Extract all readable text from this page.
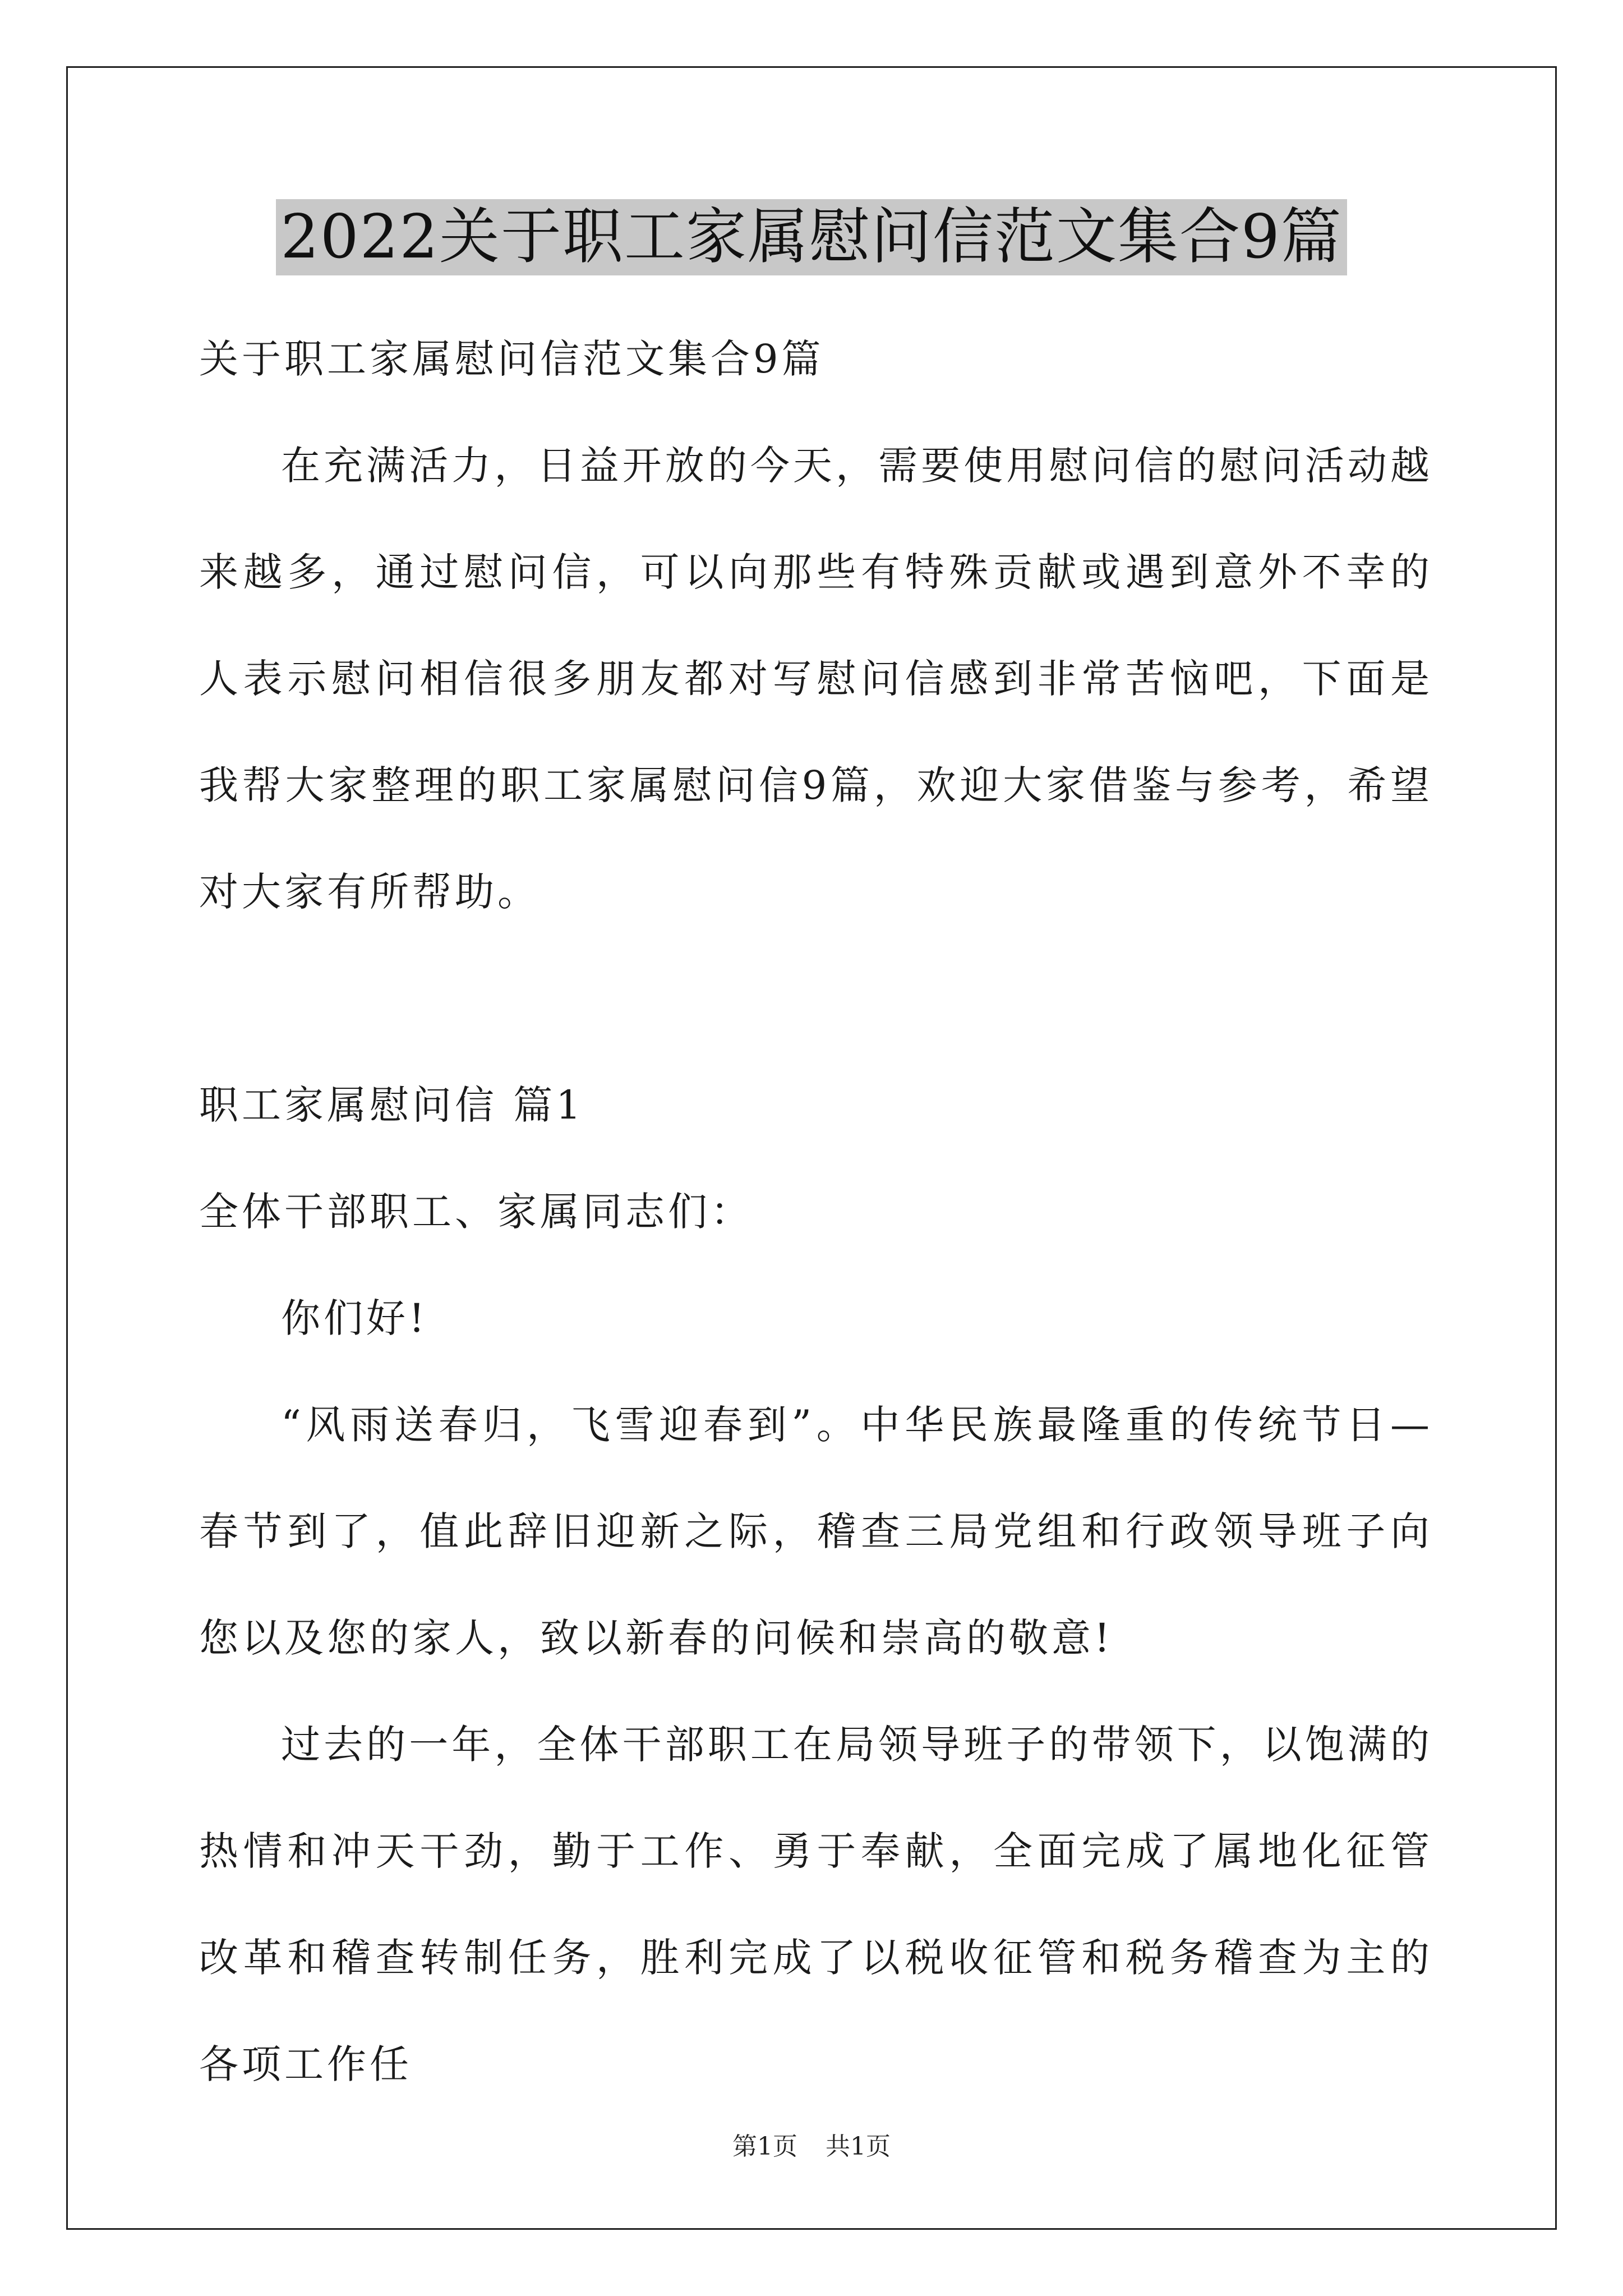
2022关于职工家属慰问信范文集合9篇

关于职工家属慰问信范文集合9篇

在充满活力，日益开放的今天，需要使用慰问信的慰问活动越来越多，通过慰问信，可以向那些有特殊贡献或遇到意外不幸的人表示慰问相信很多朋友都对写慰问信感到非常苦恼吧，下面是我帮大家整理的职工家属慰问信9篇，欢迎大家借鉴与参考，希望对大家有所帮助。

职工家属慰问信 篇1

全体干部职工、家属同志们：

你们好!

“风雨送春归，飞雪迎春到”。中华民族最隆重的传统节日—春节到了，值此辞旧迎新之际，稽查三局党组和行政领导班子向您以及您的家人，致以新春的问候和崇高的敬意!

过去的一年，全体干部职工在局领导班子的带领下，以饱满的热情和冲天干劲，勤于工作、勇于奉献，全面完成了属地化征管改革和稽查转制任务，胜利完成了以税收征管和税务稽查为主的各项工作任

第1页 共1页
